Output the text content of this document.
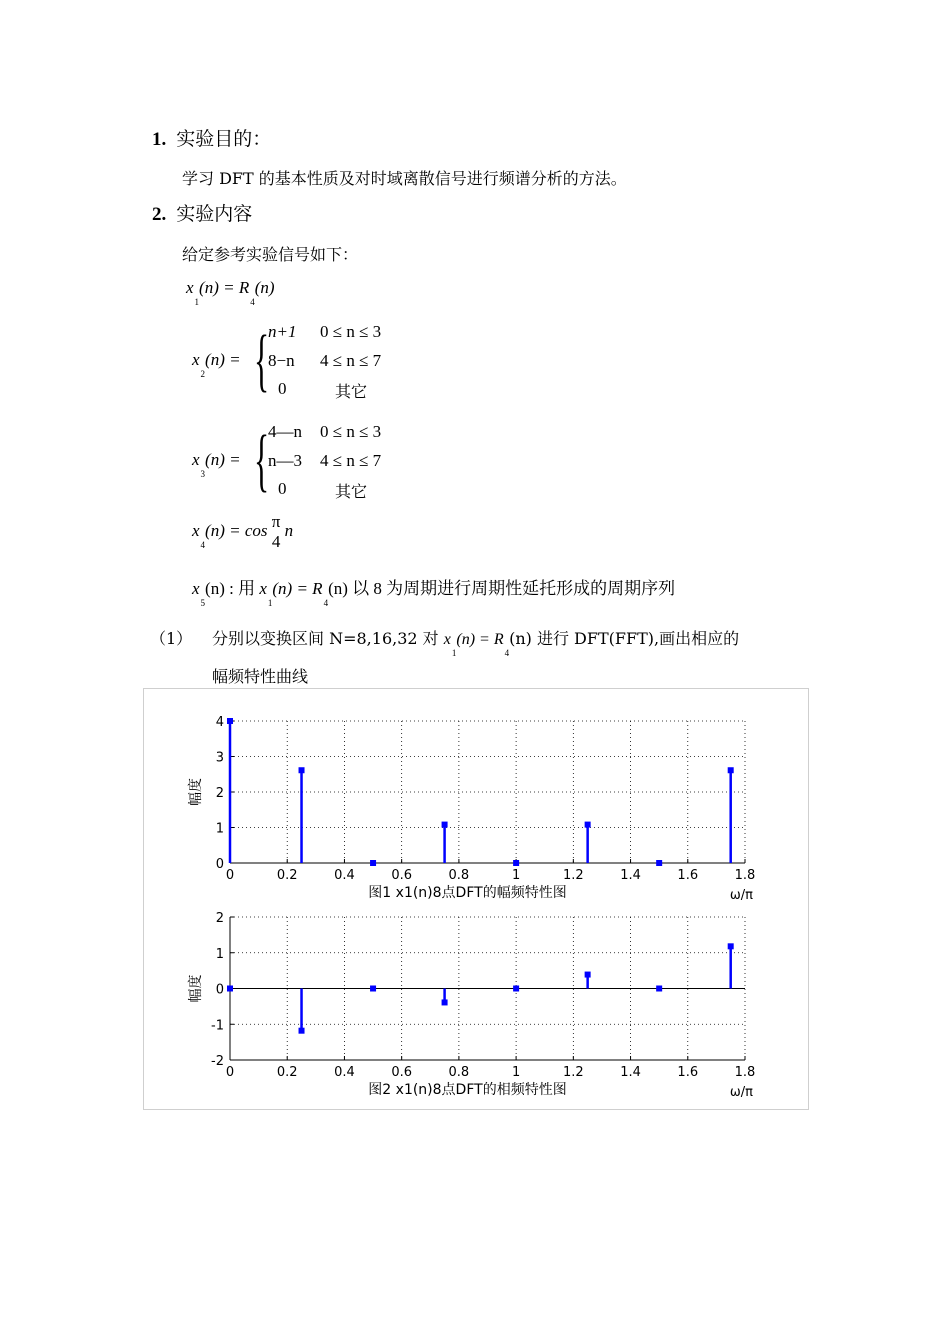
1. 实验目的：
学习 DFT 的基本性质及对时域离散信号进行频谱分析的方法。
2. 实验内容
给定参考实验信号如下：
$x_1(n) = R_4(n)$
$x_2(n)$ = {
n+1 0 ≤ n ≤ 3
8−n 4 ≤ n ≤ 7
0	其它
$x_3(n)$ = {
4—n 0 ≤ n ≤ 3
n—3 4 ≤ n ≤ 7
0	其它
$x_4(n) = \cos \pi$
4
n
$x_5(n)$ : 用 $x_1(n) = R_4(n)$ 以 8 为周期进行周期性延托形成的周期序列
（1） 分别以变换区间 N=8,16,32 对 $x_1(n) = R_4(n)$ 进行 DFT(FFT),画出相应的
幅频特性曲线
0	0.2	0.4	0.6	0.8	1	1.2	1.4	1.6	1.8
0
1
2
3
4
幅度
图1 x1(n)8点DFT的幅频特性图	ω/π
0	0.2	0.4	0.6	0.8	1	1.2	1.4	1.6	1.8
-2
-1
0
1
2
幅度
图2 x1(n)8点DFT的相频特性图	ω/π
